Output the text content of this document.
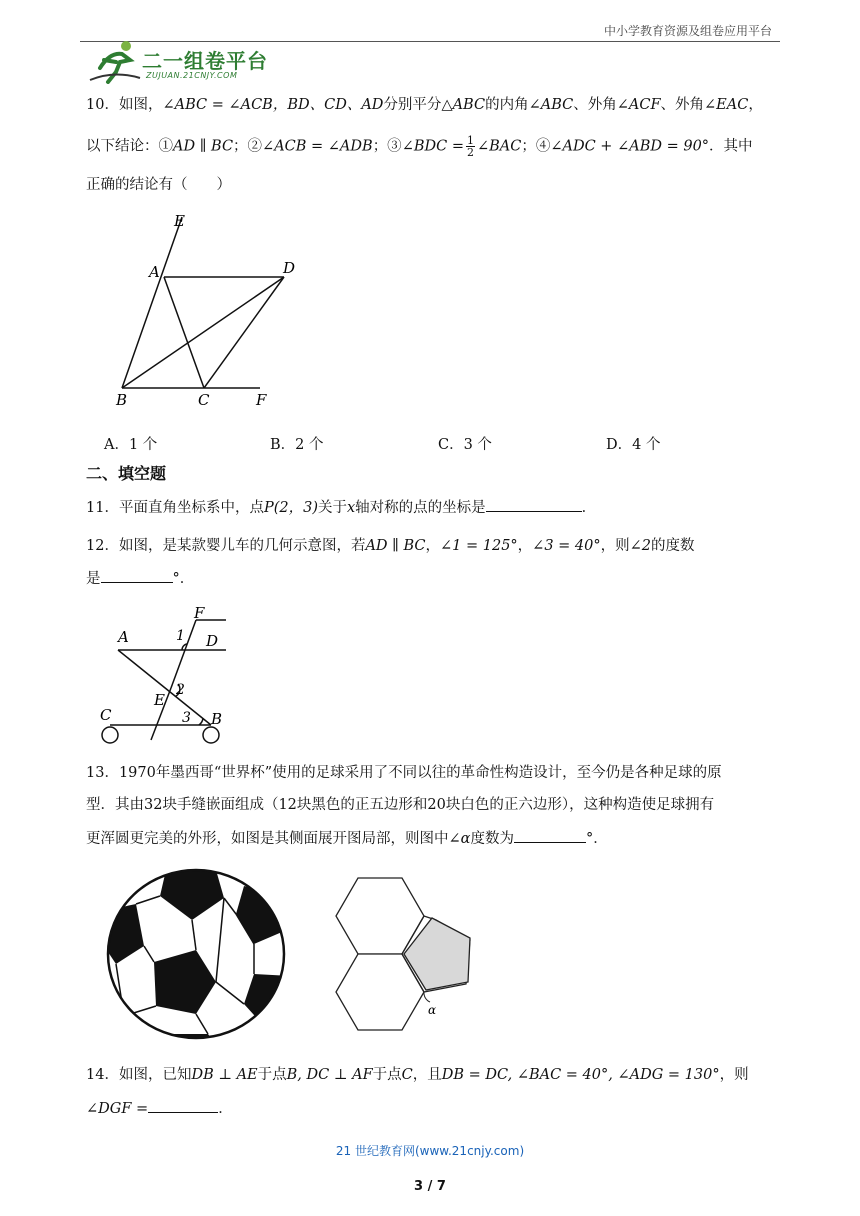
中小学教育资源及组卷应用平台
二一组卷平台
ZUJUAN.21CNJY.COM
10．如图，∠ABC = ∠ACB，BD、CD、AD分别平分△ABC的内角∠ABC、外角∠ACF、外角∠EAC，
以下结论：①AD ∥ BC；②∠ACB = ∠ADB；③∠BDC = $\frac{1}{2}$ ∠BAC；④∠ADC + ∠ABD = 90°．其中
正确的结论有（　　）
E
A	D
B	C	F
A．1 个	B．2 个	C．3 个	D．4 个
二、填空题
11．平面直角坐标系中，点P(2，3)关于x轴对称的点的坐标是	．
12．如图，是某款婴儿车的几何示意图，若AD ∥ BC，∠1 = 125°，∠3 = 40°，则∠2的度数
是	°．
F
A	1 D
2
E
C	3 B
13．1970年墨西哥“世界杯”使用的足球采用了不同以往的革命性构造设计，至今仍是各种足球的原
型．其由32块手缝嵌面组成（12块黑色的正五边形和20块白色的正六边形），这种构造使足球拥有
更浑圆更完美的外形，如图是其侧面展开图局部，则图中∠α度数为	°．
α
14．如图，已知DB ⊥ AE于点B, DC ⊥ AF于点C，且DB = DC, ∠BAC = 40°, ∠ADG = 130°，则
∠DGF =	．
21 世纪教育网(www.21cnjy.com)
3 / 7
